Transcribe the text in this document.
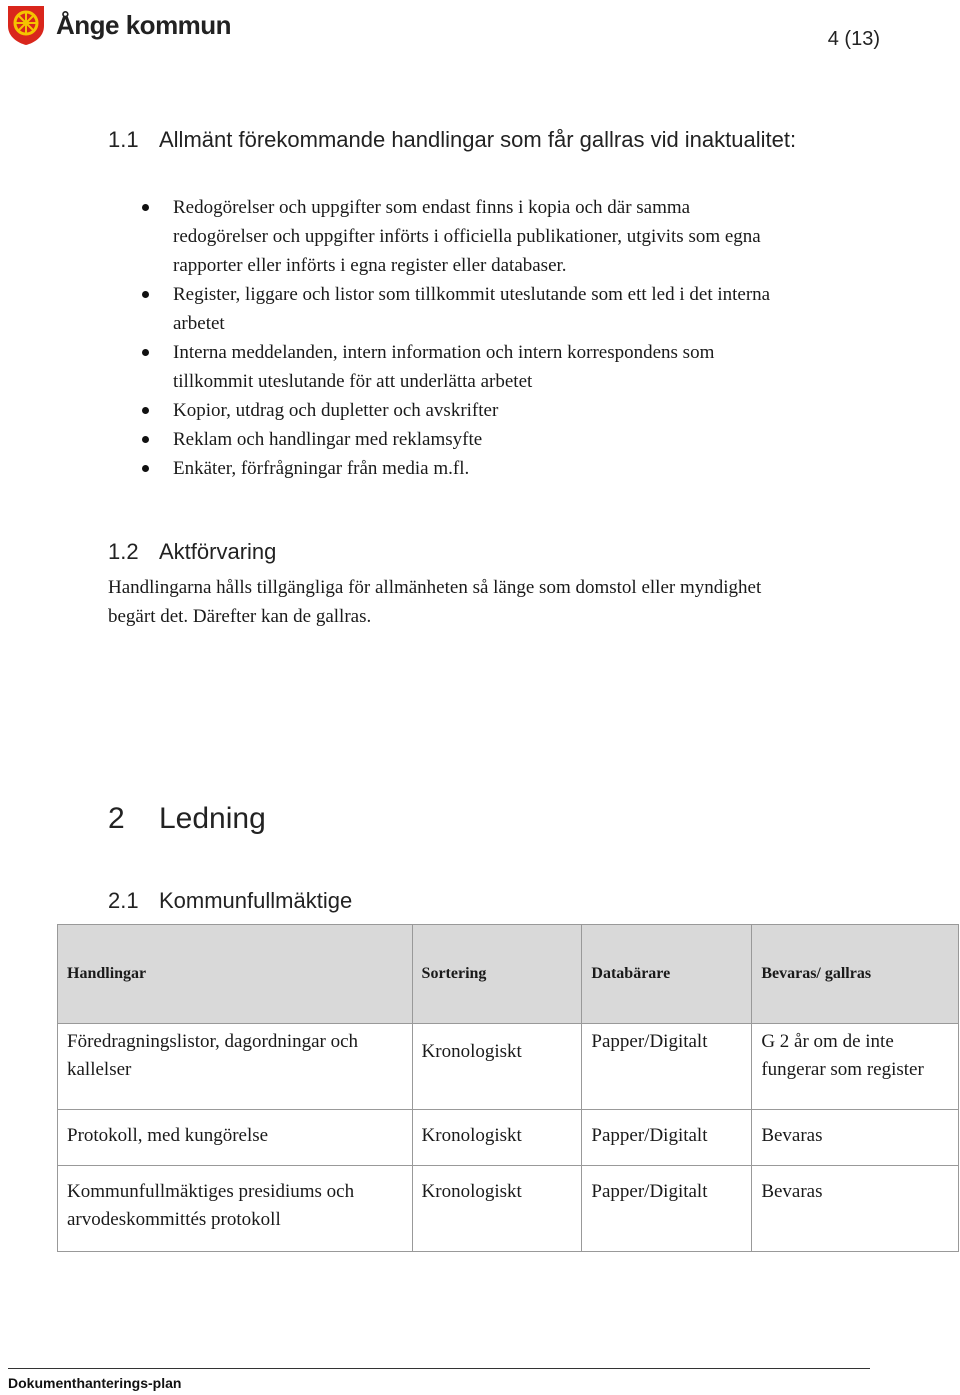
Ånge kommun	4 (13)
1.1 Allmänt förekommande handlingar som får gallras vid inaktualitet:
Redogörelser och uppgifter som endast finns i kopia och där samma redogörelser och uppgifter införts i officiella publikationer, utgivits som egna rapporter eller införts i egna register eller databaser.
Register, liggare och listor som tillkommit uteslutande som ett led i det interna arbetet
Interna meddelanden, intern information och intern korrespondens som tillkommit uteslutande för att underlätta arbetet
Kopior, utdrag och dupletter och avskrifter
Reklam och handlingar med reklamsyfte
Enkäter, förfrågningar från media m.fl.
1.2 Aktförvaring
Handlingarna hålls tillgängliga för allmänheten så länge som domstol eller myndighet begärt det. Därefter kan de gallras.
2 Ledning
2.1 Kommunfullmäktige
Handlingar	Sortering	Databärare	Bevaras/ gallras
Föredragningslistor, dagordningar och kallelser	Kronologiskt	Papper/Digitalt	G 2 år om de inte fungerar som register
Protokoll, med kungörelse	Kronologiskt	Papper/Digitalt	Bevaras
Kommunfullmäktiges presidiums och arvodeskommittés protokoll	Kronologiskt	Papper/Digitalt	Bevaras
Dokumenthanterings-plan
